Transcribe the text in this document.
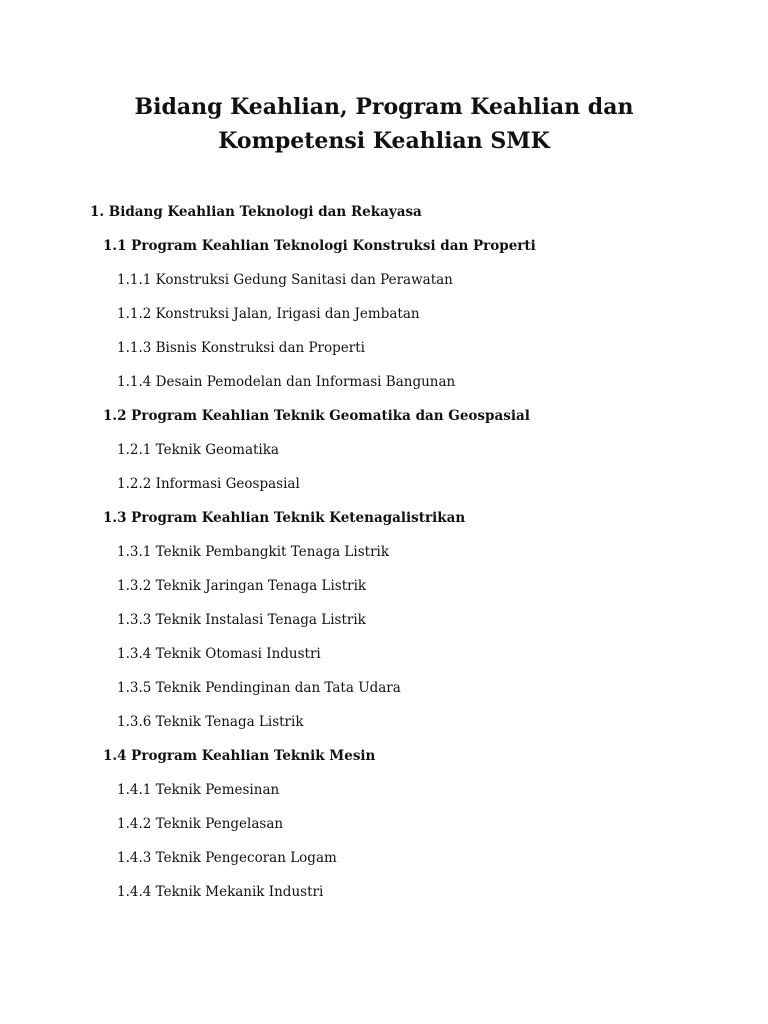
Bidang Keahlian, Program Keahlian dan Kompetensi Keahlian SMK
1. Bidang Keahlian Teknologi dan Rekayasa
1.1 Program Keahlian Teknologi Konstruksi dan Properti
1.1.1 Konstruksi Gedung Sanitasi dan Perawatan
1.1.2 Konstruksi Jalan, Irigasi dan Jembatan
1.1.3 Bisnis Konstruksi dan Properti
1.1.4 Desain Pemodelan dan Informasi Bangunan
1.2 Program Keahlian Teknik Geomatika dan Geospasial
1.2.1 Teknik Geomatika
1.2.2 Informasi Geospasial
1.3 Program Keahlian Teknik Ketenagalistrikan
1.3.1 Teknik Pembangkit Tenaga Listrik
1.3.2 Teknik Jaringan Tenaga Listrik
1.3.3 Teknik Instalasi Tenaga Listrik
1.3.4 Teknik Otomasi Industri
1.3.5 Teknik Pendinginan dan Tata Udara
1.3.6 Teknik Tenaga Listrik
1.4 Program Keahlian Teknik Mesin
1.4.1 Teknik Pemesinan
1.4.2 Teknik Pengelasan
1.4.3 Teknik Pengecoran Logam
1.4.4 Teknik Mekanik Industri
